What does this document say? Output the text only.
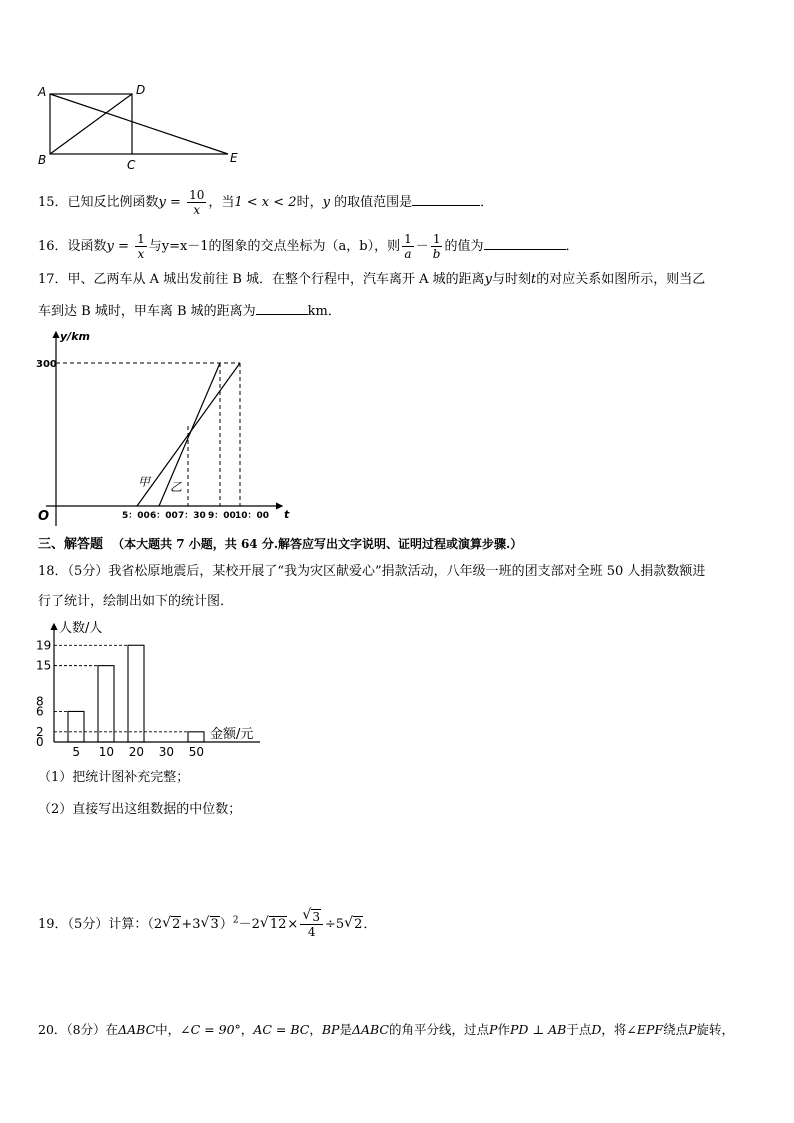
A	D
B	C	E
15．已知反比例函数$y = \frac{10}{x}$ ，当1 < x < 2时，y 的取值范围是	．
16．设函数$y = \frac{1}{x}$ 与y=x－1的图象的交点坐标为（a，b），则 $\frac{1}{a} - \frac{1}{b}$ 的值为	．
17．甲、乙两车从 A 城出发前往 B 城．在整个行程中，汽车离开 A 城的距离y与时刻t的对应关系如图所示，则当乙
车到达 B 城时，甲车离 B 城的距离为	km．
y/km
t
O
300
甲 乙
5：00 6：00 7：30 9：00 10：00
三、解答题 （本大题共 7 小题，共 64 分.解答应写出文字说明、证明过程或演算步骤.）
18．（5分）我省松原地震后，某校开展了“我为灾区献爱心”捐款活动，八年级一班的团支部对全班 50 人捐款数额进
行了统计，绘制出如下的统计图．
0
2
6
8
15
19
5 10 20 30 50
人数/人
金额/元
（1）把统计图补充完整；
（2）直接写出这组数据的中位数；
19．（5分）计算：（2√ 2+3√ 3）$^2$－2√ 12×
√ $\frac{3}{4} \div 5√$ 2．
20．（8分）在ΔABC中，∠C = 90°，AC = BC，BP是ΔABC的角平分线，过点P作PD ⊥ AB于点D，将∠EPF绕点P旋转，
